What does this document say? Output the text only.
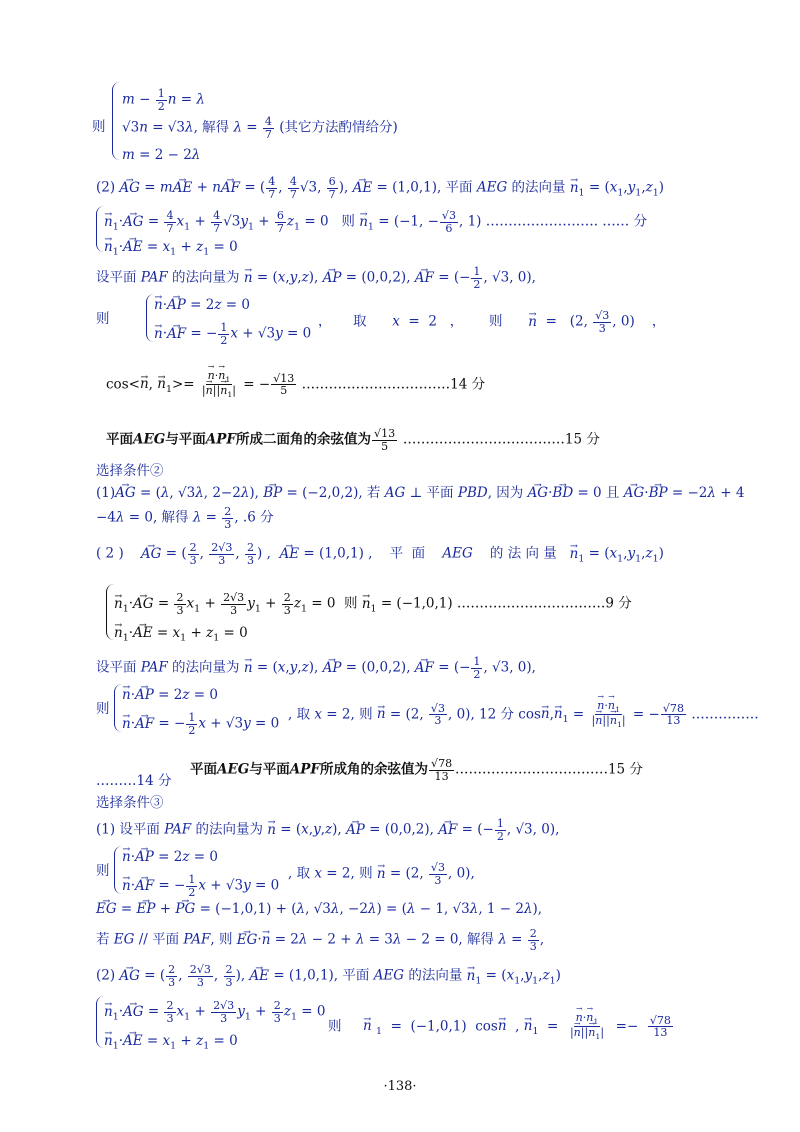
$m - \frac{1}{2}$ n = λ
则 √3n = √3λ, 解得 $\lambda = \frac{4}{7}$ (其它方法酌情给分)
m = 2 − 2λ
(2) → AG = m→ AE + n→ AF = ( $\frac{4}{7}$ , $\frac{4}{7} √3$, $\frac{6}{7}$ ), → AE = (1,0,1), 平面 AEG 的法向量 → $n_1 = (x_1,y_1,z_1)$
→ $n_1\cdot\to$ AG = $\frac{4}{7} x_1 + \frac{4}{7} √3y_1 + \frac{6}{7} z_1 = 0$   则 → $n_1 = (-1$, − $\frac{√3}{6}$ , 1) ……………………. …… 分
→ $n_1\cdot\to$ AE = $x_1 + z_1 = 0$
设平面 PAF 的法向量为 → n = (x,y,z), → AP = (0,0,2), → AF = (− $\frac{1}{2}$ , √3, 0),
则
→ n·→ AP = 2z = 0
→ n·→ AF = − $\frac{1}{2}$ x + √3y = 0
，     取      x  =  2   ，      则      → n  =   (2, $\frac{√3}{3}$ , 0)    ，
cos<→ n, → $n_1>=$
→ $\frac{n\cdot\to n_1}{|\to n||\to n_1|}$ = − $\frac{√13}{5}$ ……………………………14 分
平面AEG与平面APF所成二面角的余弦值为 $\frac{√13}{5}$ ………………………………15 分
选择条件②
(1)→ AG = (λ, √3λ, 2−2λ), → BP = (−2,0,2), 若 AG ⊥ 平面 PBD, 因为 → AG·→ BD = 0 且 → AG·→ BP = −2λ + 4
−4λ = 0, 解得 $\lambda = \frac{2}{3}$ , .6 分
( 2 )    → AG = ( $\frac{2}{3}$ , $\frac{2√3}{3}$ , $\frac{2}{3}$ ) ,  → AE = (1,0,1) ,    平  面    AEG    的 法 向 量   → $n_1 = (x_1,y_1,z_1)$
→ $n_1\cdot\to$ AG = $\frac{2}{3} x_1 + \frac{2√3}{3} y_1 + \frac{2}{3} z_1 = 0$  则 → $n_1 = (-1,0,1)$ ……………………………9 分
→ $n_1\cdot\to$ AE = $x_1 + z_1 = 0$
设平面 PAF 的法向量为 → n = (x,y,z), → AP = (0,0,2), → AF = (− $\frac{1}{2}$ , √3, 0),
则
→ n·→ AP = 2z = 0
→ n·→ AF = − $\frac{1}{2}$ x + √3y = 0
, 取 x = 2, 则 → n = (2, $\frac{√3}{3}$ , 0), 12 分 $\cos\to n,\to n_1$ =
→ $\frac{n\cdot\to n_1}{|\to n||\to n_1|}$ = − $\frac{√78}{13}$ ……………
平面AEG与平面APF所成角的余弦值为 $\frac{√78}{13}$ .……………………………15 分
………14 分
选择条件③
(1) 设平面 PAF 的法向量为 → n = (x,y,z), → AP = (0,0,2), → AF = (− $\frac{1}{2}$ , √3, 0),
则
→ n·→ AP = 2z = 0
→ n·→ AF = − $\frac{1}{2}$ x + √3y = 0
, 取 x = 2, 则 → n = (2, $\frac{√3}{3}$ , 0),
→ EG = → EP + → PG = (−1,0,1) + (λ, √3λ, −2λ) = (λ − 1, √3λ, 1 − 2λ),
若 EG // 平面 PAF, 则 → EG·→ n = 2λ − 2 + λ = 3λ − 2 = 0, 解得 $\lambda = \frac{2}{3}$ ,
(2) → AG = ( $\frac{2}{3}$ , $\frac{2√3}{3}$ , $\frac{2}{3}$ ), → AE = (1,0,1), 平面 AEG 的法向量 → $n_1 = (x_1,y_1,z_1)$
→ $n_1\cdot\to$ AG = $\frac{2}{3} x_1 + \frac{2√3}{3} y_1 + \frac{2}{3} z_1 = 0$
→ $n_1\cdot\to$ AE = $x_1 + z_1 = 0$
则     → n $_1$  =  (−1,0,1)  cos→ n  , → $n_1$  =
→ $\frac{n\cdot\to n_1}{|\to n||\to n_1|} =- \frac{√78}{13}$
·138·
